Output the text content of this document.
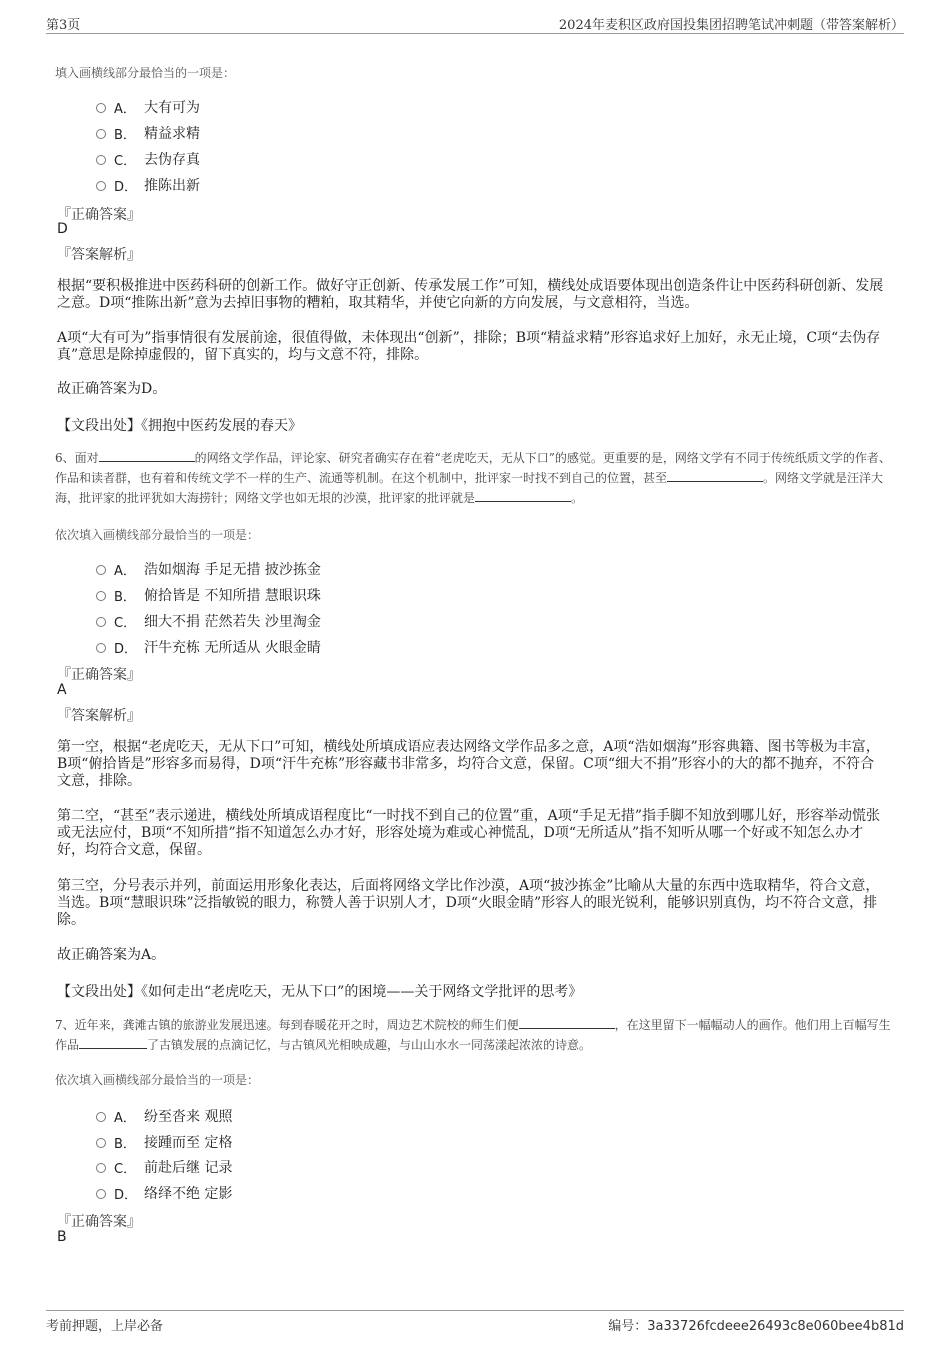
第3页	2024年麦积区政府国投集团招聘笔试冲刺题（带答案解析）
填入画横线部分最恰当的一项是：
A． 大有可为
B． 精益求精
C． 去伪存真
D． 推陈出新
『正确答案』
D
『答案解析』
根据“要积极推进中医药科研的创新工作。做好守正创新、传承发展工作”可知，横线处成语要体现出创造条件让中医药科研创新、发展之意。D项“推陈出新”意为去掉旧事物的糟粕，取其精华，并使它向新的方向发展，与文意相符，当选。
A项“大有可为”指事情很有发展前途，很值得做，未体现出“创新”，排除；B项“精益求精”形容追求好上加好，永无止境，C项“去伪存真”意思是除掉虚假的，留下真实的，均与文意不符，排除。
故正确答案为D。
【文段出处】《拥抱中医药发展的春天》
6、面对	的网络文学作品，评论家、研究者确实存在着“老虎吃天，无从下口”的感觉。更重要的是，网络文学有不同于传统纸质文学的作者、作品和读者群，也有着和传统文学不一样的生产、流通等机制。在这个机制中，批评家一时找不到自己的位置，甚至	。网络文学就是汪洋大海，批评家的批评犹如大海捞针；网络文学也如无垠的沙漠，批评家的批评就是	。
依次填入画横线部分最恰当的一项是：
A． 浩如烟海 手足无措 披沙拣金
B． 俯拾皆是 不知所措 慧眼识珠
C． 细大不捐 茫然若失 沙里淘金
D． 汗牛充栋 无所适从 火眼金睛
『正确答案』
A
『答案解析』
第一空，根据“老虎吃天，无从下口”可知，横线处所填成语应表达网络文学作品多之意，A项“浩如烟海”形容典籍、图书等极为丰富，B项“俯拾皆是”形容多而易得，D项“汗牛充栋”形容藏书非常多，均符合文意，保留。C项“细大不捐”形容小的大的都不抛弃，不符合文意，排除。
第二空，“甚至”表示递进，横线处所填成语程度比“一时找不到自己的位置”重，A项“手足无措”指手脚不知放到哪儿好，形容举动慌张或无法应付，B项“不知所措”指不知道怎么办才好，形容处境为难或心神慌乱，D项“无所适从”指不知听从哪一个好或不知怎么办才好，均符合文意，保留。
第三空，分号表示并列，前面运用形象化表达，后面将网络文学比作沙漠，A项“披沙拣金”比喻从大量的东西中选取精华，符合文意，当选。B项“慧眼识珠”泛指敏锐的眼力，称赞人善于识别人才，D项“火眼金睛”形容人的眼光锐利，能够识别真伪，均不符合文意，排除。
故正确答案为A。
【文段出处】《如何走出“老虎吃天，无从下口”的困境——关于网络文学批评的思考》
7、近年来，龚滩古镇的旅游业发展迅速。每到春暖花开之时，周边艺术院校的师生们便	，在这里留下一幅幅动人的画作。他们用上百幅写生作品	了古镇发展的点滴记忆，与古镇风光相映成趣，与山山水水一同荡漾起浓浓的诗意。
依次填入画横线部分最恰当的一项是：
A． 纷至沓来 观照
B． 接踵而至 定格
C． 前赴后继 记录
D． 络绎不绝 定影
『正确答案』
B
考前押题，上岸必备	编号：3a33726fcdeee26493c8e060bee4b81d
